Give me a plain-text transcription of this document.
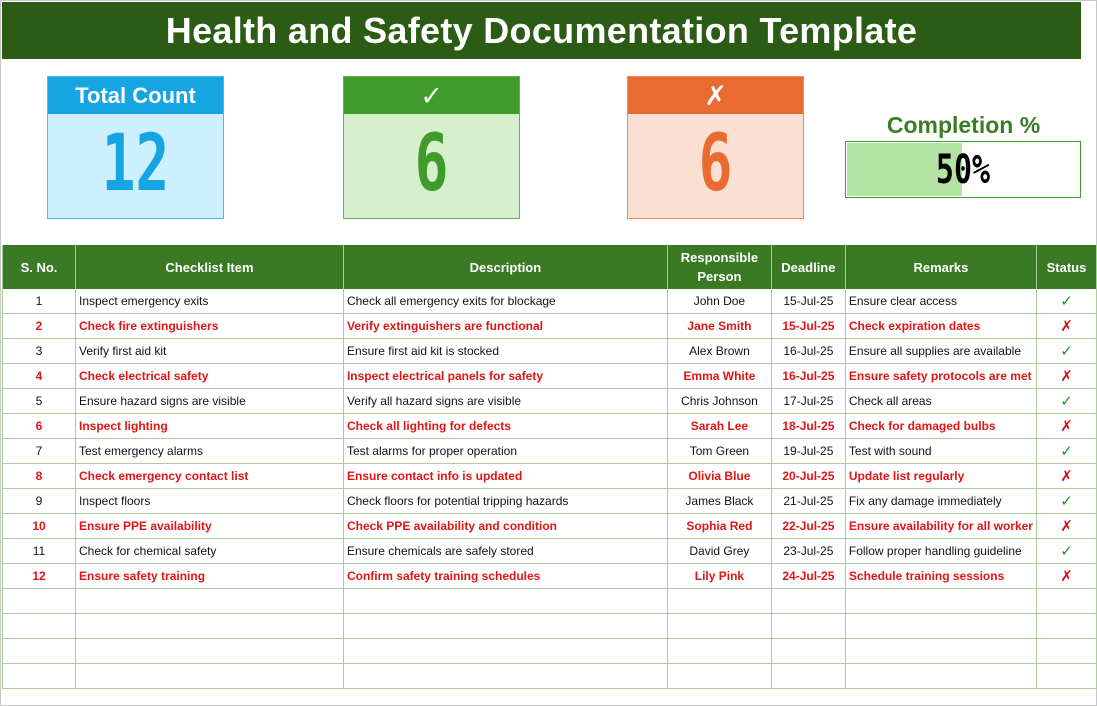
Health and Safety Documentation Template
Total Count
12
✓
6
✗
6	Completion %
50%
S. No.	Checklist Item	Description	Responsible Person	Deadline	Remarks	Status
1	Inspect emergency exits	Check all emergency exits for blockage	John Doe	15-Jul-25	Ensure clear access	✓
2	Check fire extinguishers	Verify extinguishers are functional	Jane Smith	15-Jul-25	Check expiration dates	✗
3	Verify first aid kit	Ensure first aid kit is stocked	Alex Brown	16-Jul-25	Ensure all supplies are available	✓
4	Check electrical safety	Inspect electrical panels for safety	Emma White	16-Jul-25	Ensure safety protocols are met	✗
5	Ensure hazard signs are visible	Verify all hazard signs are visible	Chris Johnson	17-Jul-25	Check all areas	✓
6	Inspect lighting	Check all lighting for defects	Sarah Lee	18-Jul-25	Check for damaged bulbs	✗
7	Test emergency alarms	Test alarms for proper operation	Tom Green	19-Jul-25	Test with sound	✓
8	Check emergency contact list	Ensure contact info is updated	Olivia Blue	20-Jul-25	Update list regularly	✗
9	Inspect floors	Check floors for potential tripping hazards	James Black	21-Jul-25	Fix any damage immediately	✓
10	Ensure PPE availability	Check PPE availability and condition	Sophia Red	22-Jul-25	Ensure availability for all worker	✗
11	Check for chemical safety	Ensure chemicals are safely stored	David Grey	23-Jul-25	Follow proper handling guideline	✓
12	Ensure safety training	Confirm safety training schedules	Lily Pink	24-Jul-25	Schedule training sessions	✗
